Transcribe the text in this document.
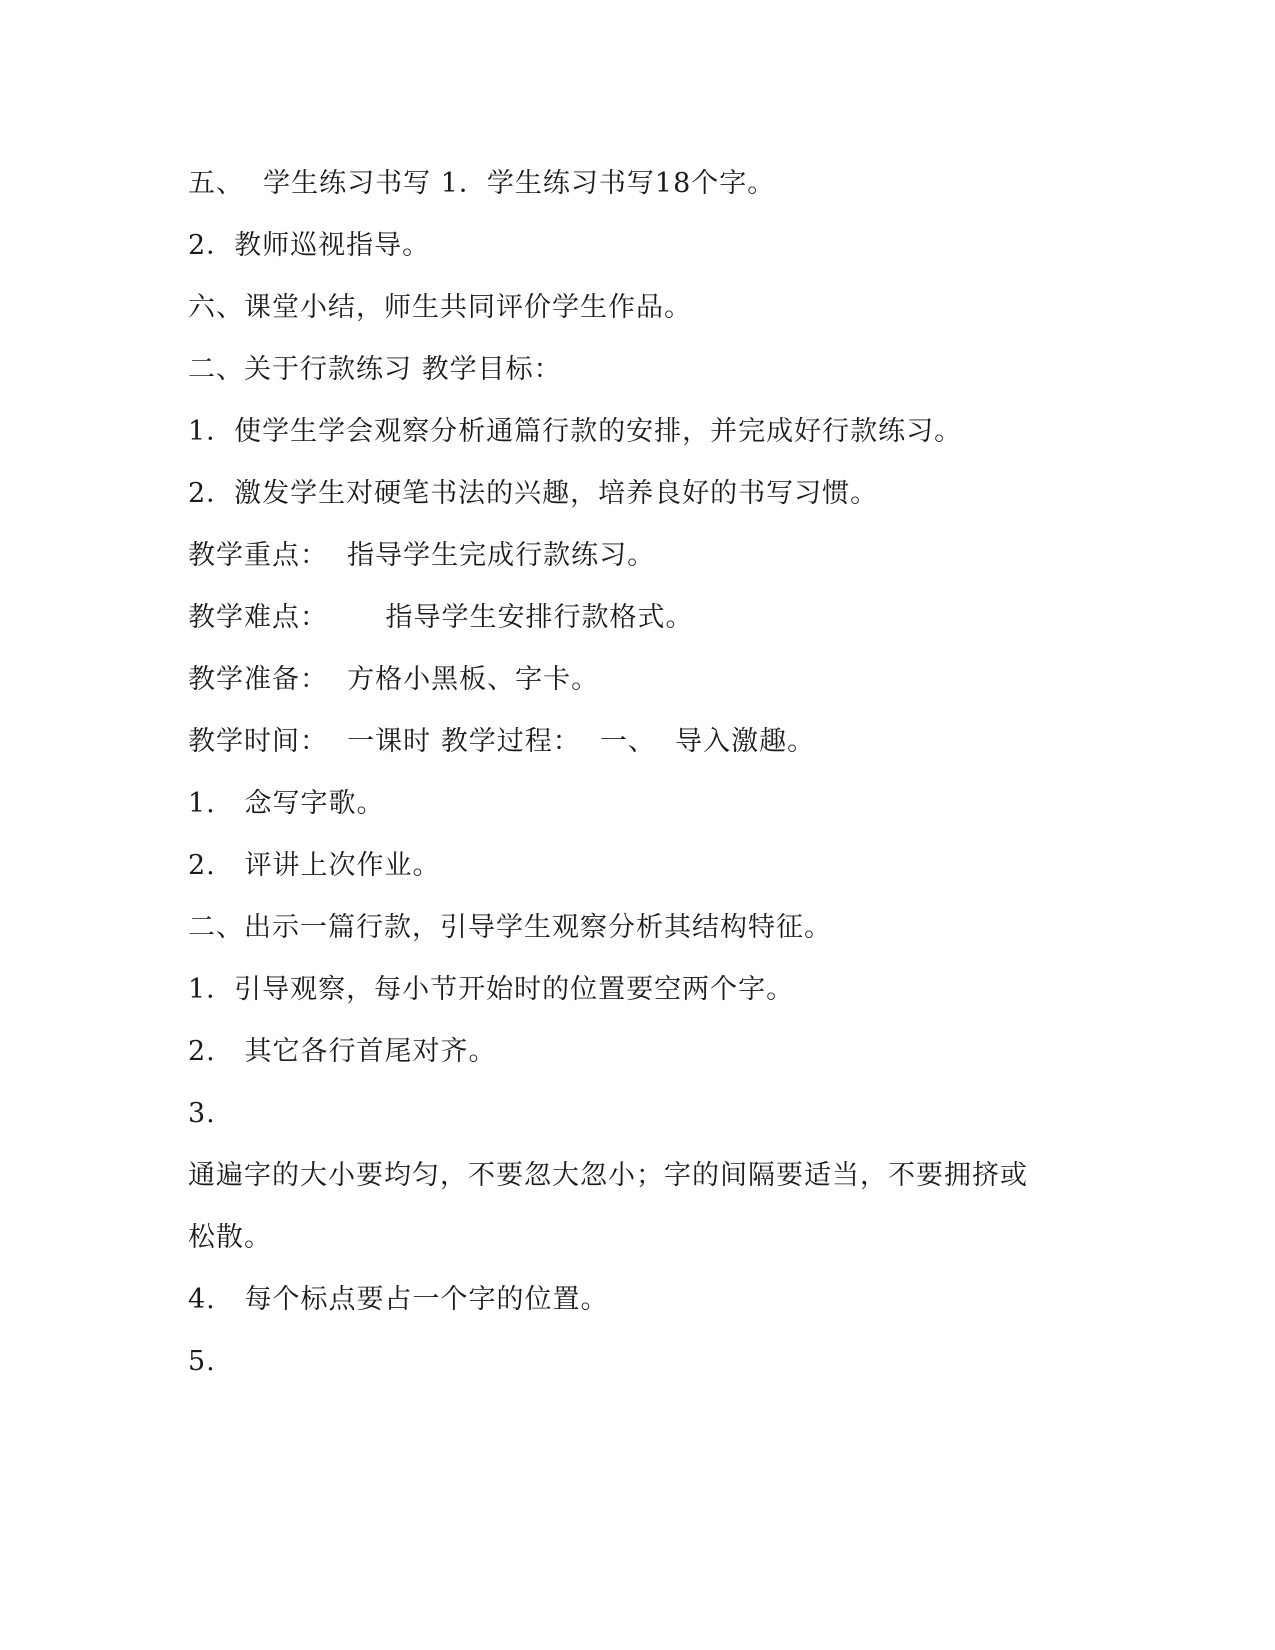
五、  学生练习书写 1．学生练习书写18个字。
2．教师巡视指导。
六、课堂小结，师生共同评价学生作品。
二、关于行款练习 教学目标：
1．使学生学会观察分析通篇行款的安排，并完成好行款练习。
2．激发学生对硬笔书法的兴趣，培养良好的书写习惯。
教学重点：  指导学生完成行款练习。
教学难点：      指导学生安排行款格式。
教学准备：  方格小黑板、字卡。
教学时间：  一课时 教学过程：  一、  导入激趣。
1.   念写字歌。
2.   评讲上次作业。
二、出示一篇行款，引导学生观察分析其结构特征。
1．引导观察，每小节开始时的位置要空两个字。
2.   其它各行首尾对齐。
3.
通遍字的大小要均匀，不要忽大忽小；字的间隔要适当，不要拥挤或
松散。
4.   每个标点要占一个字的位置。
5.
